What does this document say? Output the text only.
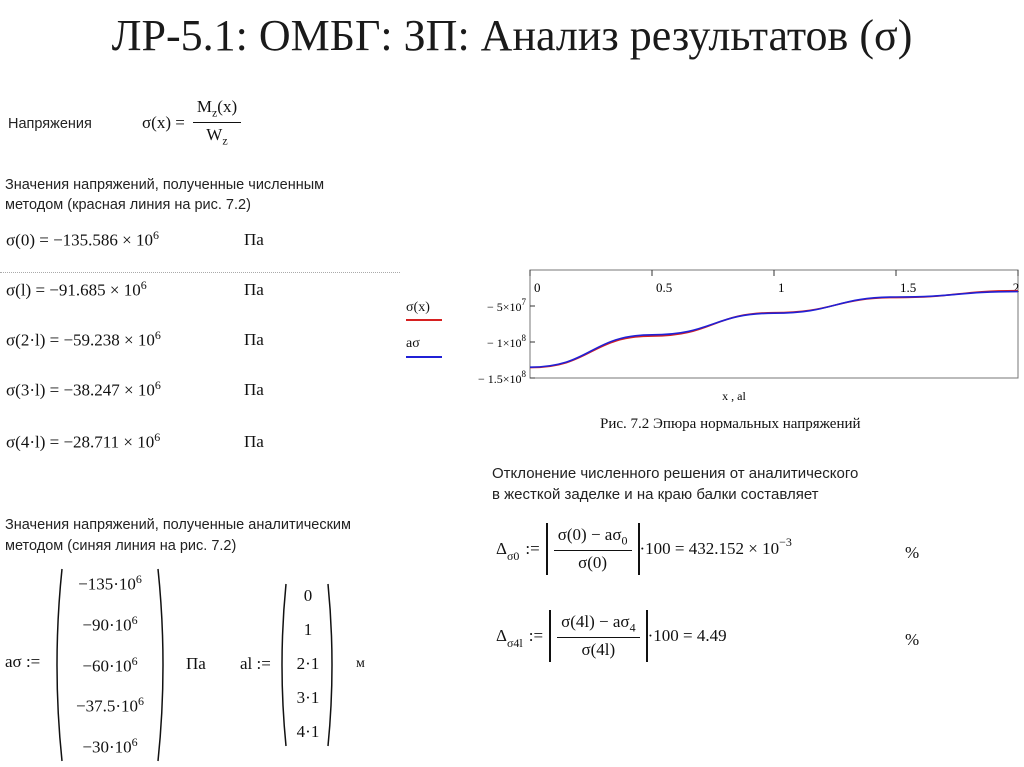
ЛР-5.1: ОМБГ: ЗП: Анализ результатов (σ)
Напряжения	$\sigma(x) = \frac{M_z(x)}{W_z}$
Значения напряжений, полученные численным
методом (красная линия на рис. 7.2)
$\sigma(0) = -135.586 \times 10^6$	Па
$\sigma(l) = -91.685 \times 10^6$	Па
$\sigma(2\cdot l) = -59.238 \times 10^6$	Па
$\sigma(3\cdot l) = -38.247 \times 10^6$	Па
$\sigma(4\cdot l) = -28.711 \times 10^6$	Па
Значения напряжений, полученные аналитическим
методом (синяя линия на рис. 7.2)
aσ :=
$-135\cdot 10^6$
$-90\cdot 10^6$
$-60\cdot 10^6$
$-37.5\cdot 10^6$
$-30\cdot 10^6$
Па al :=
0
1
2·1
3·1
4·1
м
σ(x)
aσ
0	0.5	1	1.5	2
− $5\times 10^7$
− $1\times 10^8$
− $1.5\times 10^8$
x , al
Рис. 7.2 Эпюра нормальных напряжений
Отклонение численного решения от аналитического
в жесткой заделке и на краю балки составляет
$\Delta_{\sigma 0}$ := $\frac{\sigma(0) - a\sigma_0}{\sigma(0)} \cdot 100 = 432.152 \times 10^{-3}$
%
$\Delta_{\sigma 4l}$ := $\frac{\sigma(4l) - a\sigma_4}{\sigma(4l)} \cdot 100 = 4.49$	%
